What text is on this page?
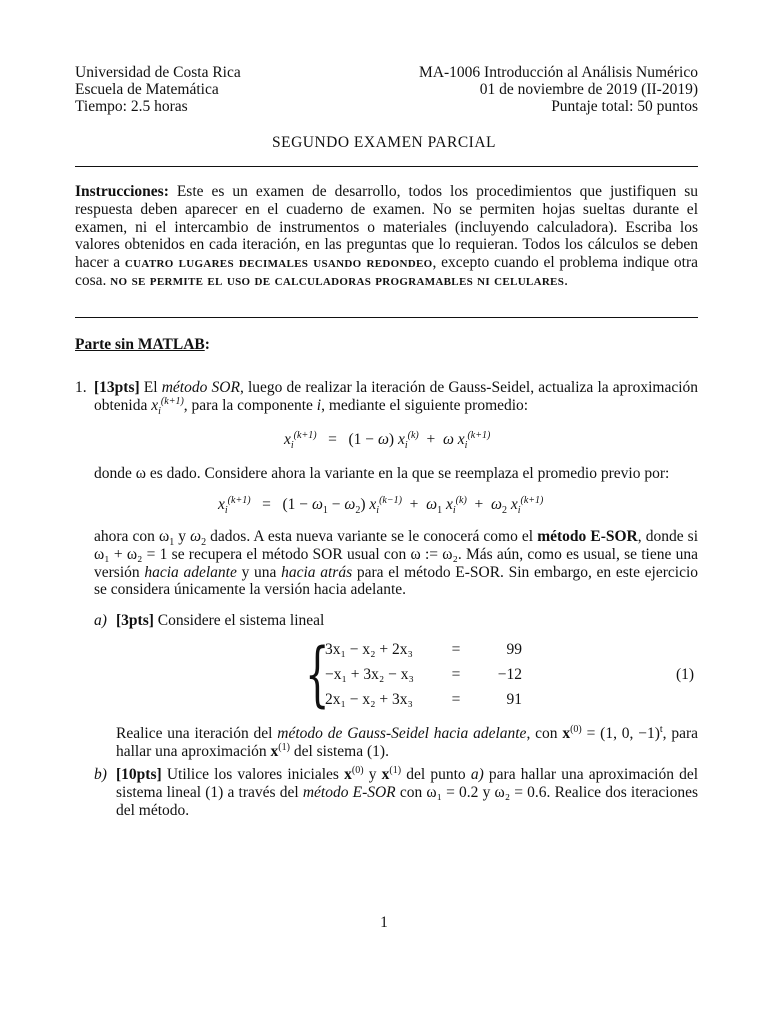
Universidad de Costa Rica
Escuela de Matemática
Tiempo: 2.5 horas
MA-1006 Introducción al Análisis Numérico
01 de noviembre de 2019 (II-2019)
Puntaje total: 50 puntos
SEGUNDO EXAMEN PARCIAL
Instrucciones: Este es un examen de desarrollo, todos los procedimientos que justifiquen su respuesta deben aparecer en el cuaderno de examen. No se permiten hojas sueltas durante el examen, ni el intercambio de instrumentos o materiales (incluyendo calculadora). Escriba los valores obtenidos en cada iteración, en las preguntas que lo requieran. Todos los cálculos se deben hacer a cuatro lugares decimales usando redondeo, excepto cuando el problema indique otra cosa. no se permite el uso de calculadoras programables ni celulares.
Parte sin MATLAB:
1. [13pts] El método SOR, luego de realizar la iteración de Gauss-Seidel, actualiza la aproximación obtenida $x_i^{(k+1)}$, para la componente i, mediante el siguiente promedio:
$x_i^{(k+1)} = (1 - \omega) x_i^{(k)} + \omega$ $x_i^{(k+1)}$
donde ω es dado. Considere ahora la variante en la que se reemplaza el promedio previo por:
$x_i^{(k+1)} = (1 - \omega_1 - \omega_2) x_i^{(k-1)} + \omega_1$ $x_i^{(k)} + \omega_2$ $x_i^{(k+1)}$
ahora con $\omega_1$ y $\omega_2$ dados. A esta nueva variante se le conocerá como el método E-SOR, donde si ω₁ + ω₂ = 1 se recupera el método SOR usual con ω := ω₂. Más aún, como es usual, se tiene una versión hacia adelante y una hacia atrás para el método E-SOR. Sin embargo, en este ejercicio se considera únicamente la versión hacia adelante.
a) [3pts] Considere el sistema lineal
{
3x₁ − x₂ + 2x₃	=	99
−x₁ + 3x₂ − x₃	=	−12
2x₁ − x₂ + 3x₃	=	91
(1)
Realice una iteración del método de Gauss-Seidel hacia adelante, con $x^{(0)} = (1$, 0, −1)$^t$, para hallar una aproximación $x^{(1)}$ del sistema (1).
b) [10pts] Utilice los valores iniciales $x^{(0)}$ y $x^{(1)}$ del punto a) para hallar una aproximación del sistema lineal (1) a través del método E-SOR con ω₁ = 0.2 y ω₂ = 0.6. Realice dos iteraciones del método.
1
